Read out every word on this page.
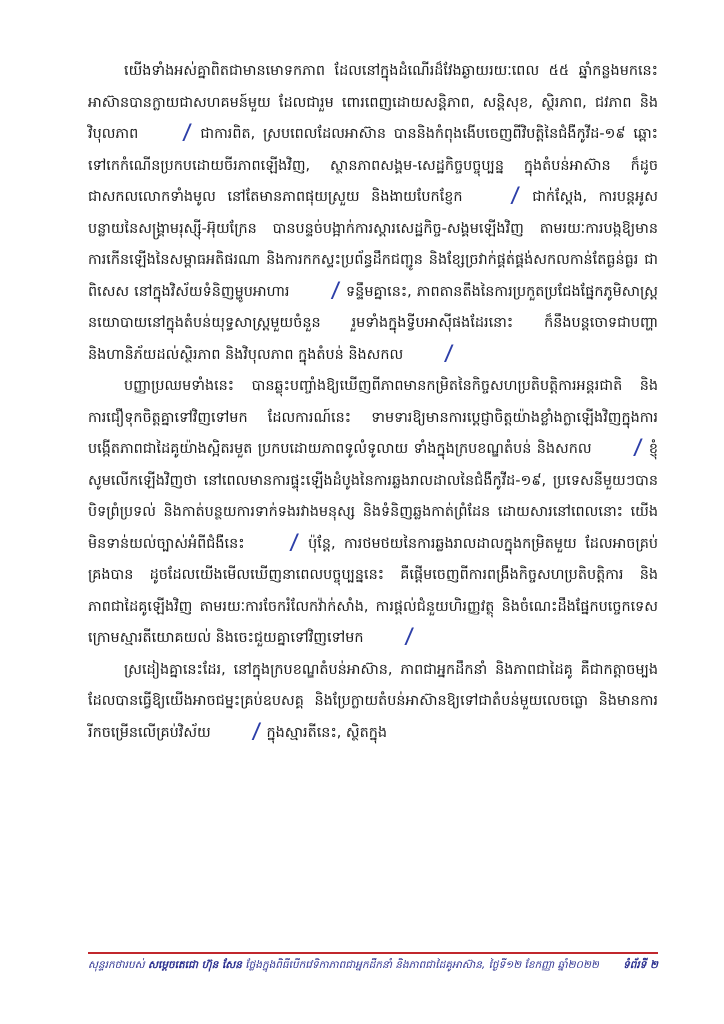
យើងទាំងអស់គ្នាពិតជាមានមោទកភាព ដែលនៅក្នុងដំណើរដ៏វែងឆ្ងាយរយៈពេល ៥៥ ឆ្នាំកន្លងមកនេះ អាស៊ានបានក្លាយជាសហគមន៍មួយ ដែលជារួម ពោរពេញដោយសន្តិភាព, សន្តិសុខ, ស្ថិរភាព, ជវភាព និងវិបុលភាព / ជាការពិត, ស្របពេលដែលអាស៊ាន បាននិងកំពុងងើបចេញពីវិបត្តិនៃជំងឺកូវីដ-១៩ ឆ្ពោះទៅកេកំណើនប្រកបដោយចីរភាពឡើងវិញ, ស្ថានភាពសង្គម-សេដ្ឋកិច្ចបច្ចុប្បន្ន ក្នុងតំបន់អាស៊ាន ក៏ដូចជាសកលលោកទាំងមូល នៅតែមានភាពផុយស្រួយ និងងាយបែកខ្ញែក / ជាក់ស្តែង, ការបន្តអូសបន្លាយនៃសង្គ្រាមរុស្ស៊ី-អ៊ុយក្រែន បានបន្ទច់បង្អាក់ការស្តារសេដ្ឋកិច្ច-សង្គមឡើងវិញ តាមរយៈការបង្កឱ្យមានការកើនឡើងនៃសម្ពាធអតិផរណា និងការកកស្ទះប្រព័ន្ធដឹកជញ្ជូន និងខ្សែច្រវាក់ផ្គត់ផ្គង់សកលកាន់តែធ្ងន់ធ្ងរ ជាពិសេស នៅក្នុងវិស័យទំនិញម្ហូបអាហារ / ទន្ទឹមគ្នានេះ, ភាពតានតឹងនៃការប្រកួតប្រជែងផ្នែកភូមិសាស្ត្រនយោបាយនៅក្នុងតំបន់យុទ្ធសាស្ត្រមួយចំនួន រួមទាំងក្នុងទ្វីបអាស៊ីផងដែរនោះ ក៏នឹងបន្តចោទជាបញ្ហា និងហានិភ័យដល់ស្ថិរភាព និងវិបុលភាព ក្នុងតំបន់ និងសកល /

បញ្ញាប្រឈមទាំងនេះ បានឆ្លុះបញ្ចាំងឱ្យឃើញពីភាពមានកម្រិតនៃកិច្ចសហប្រតិបត្តិការអន្តរជាតិ និងការជឿទុកចិត្តគ្នាទៅវិញទៅមក ដែលការណ៍នេះ ទាមទារឱ្យមានការប្តេជ្ញាចិត្តយ៉ាងខ្លាំងក្លាឡើងវិញក្នុងការបង្កើតភាពជាដៃគូយ៉ាងស្អិតរមួត ប្រកបដោយភាពទូលំទូលាយ ទាំងក្នុងក្របខណ្ឌតំបន់ និងសកល / ខ្ញុំសូមលើកឡើងវិញថា នៅពេលមានការផ្ទុះឡើងដំបូងនៃការឆ្លងរាលដាលនៃជំងឺកូវីដ-១៩, ប្រទេសនីមួយៗបានបិទព្រំប្រទល់ និងកាត់បន្ថយការទាក់ទងរវាងមនុស្ស និងទំនិញឆ្លងកាត់ព្រំដែន ដោយសារនៅពេលនោះ យើងមិនទាន់យល់ច្បាស់អំពីជំងឺនេះ / ប៉ុន្តែ, ការថមថយនៃការឆ្លងរាលដាលក្នុងកម្រិតមួយ ដែលអាចគ្រប់គ្រងបាន ដូចដែលយើងមើលឃើញនាពេលបច្ចុប្បន្ននេះ គឺផ្តើមចេញពីការពង្រឹងកិច្ចសហប្រតិបត្តិការ និងភាពជាដៃគូឡើងវិញ តាមរយៈការចែករំលែកវ៉ាក់សាំង, ការផ្តល់ជំនួយហិរញ្ញវត្ថុ និងចំណេះដឹងផ្នែកបច្ចេកទេស ក្រោមស្មារតីយោគយល់ និងចេះជួយគ្នាទៅវិញទៅមក /

ស្រដៀងគ្នានេះដែរ, នៅក្នុងក្របខណ្ឌតំបន់អាស៊ាន, ភាពជាអ្នកដឹកនាំ និងភាពជាដៃគូ គឺជាកត្តាចម្បង ដែលបានធ្វើឱ្យយើងអាចជម្នះគ្រប់ឧបសគ្គ និងប្រែក្លាយតំបន់អាស៊ានឱ្យទៅជាតំបន់មួយលេចធ្លោ និងមានការរីកចម្រើនលើគ្រប់វិស័យ / ក្នុងស្មារតីនេះ, ស្ថិតក្នុង

សុន្ទរកថារបស់ សម្តេចតេជោ ហ៊ុន សែន ថ្លែងក្នុងពិធីបើកវេទិកាភាពជាអ្នកដឹកនាំ និងភាពជាដៃគូអាស៊ាន, ថ្ងៃទី១២ ខែកញ្ញា ឆ្នាំ២០២២	ទំព័រទី ២
